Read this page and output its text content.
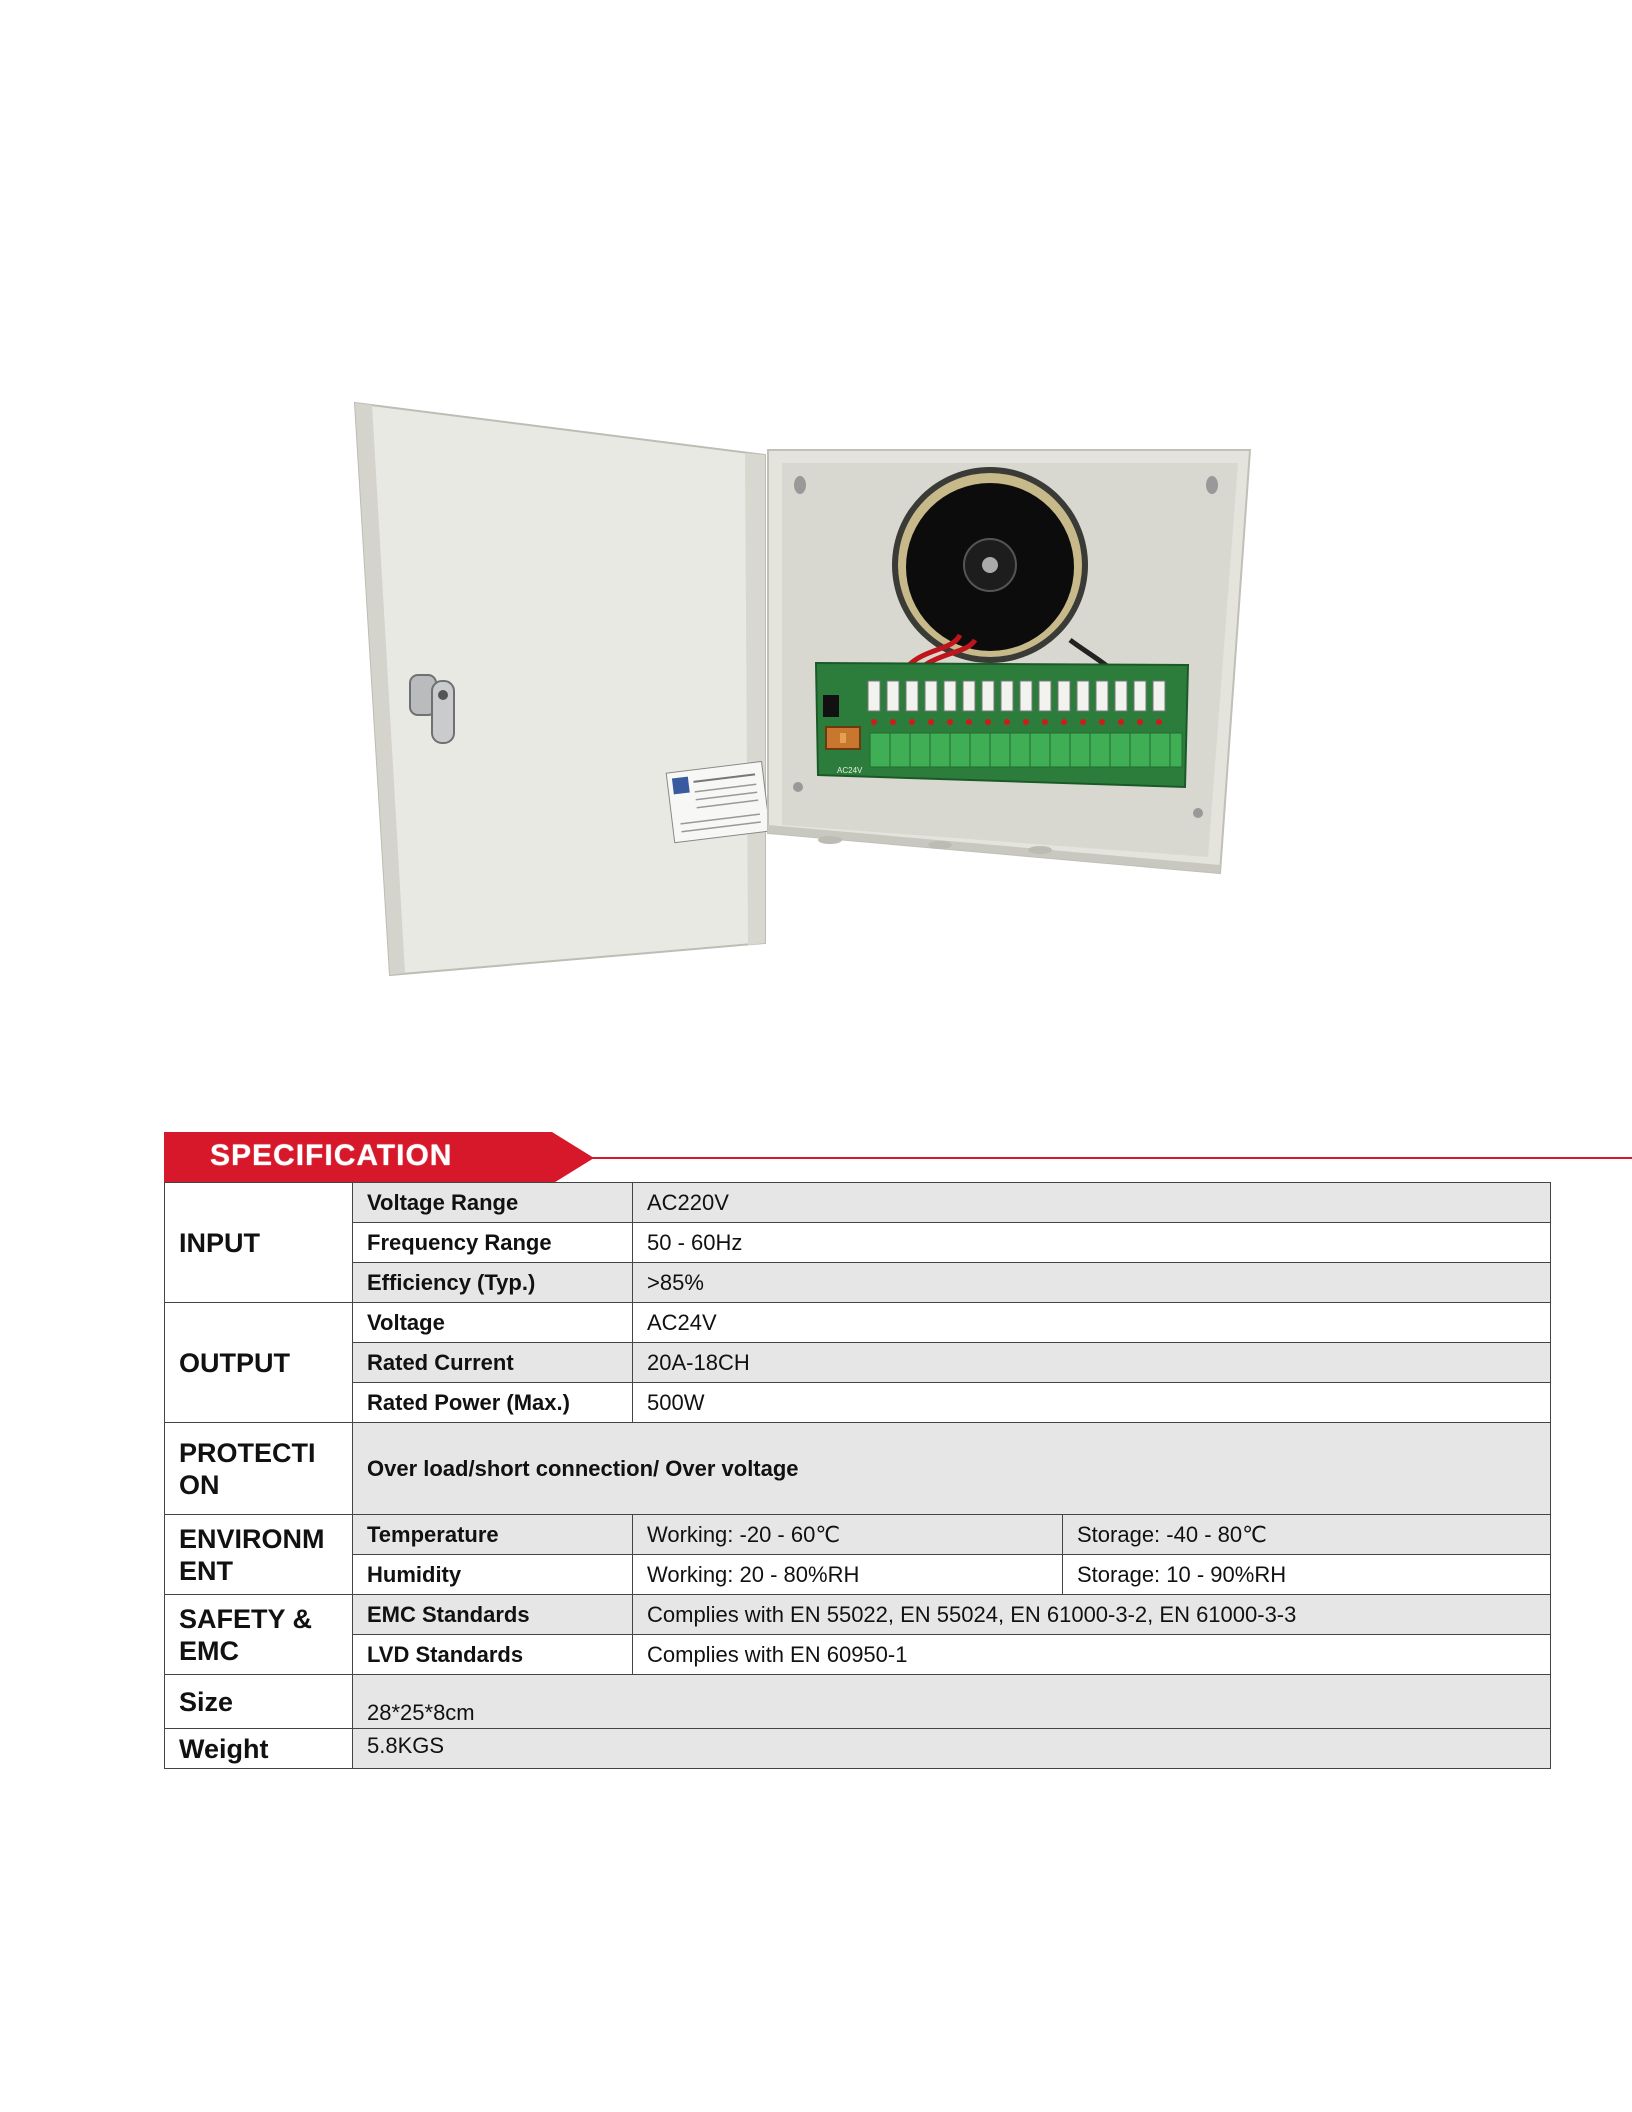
AC24V
SPECIFICATION
INPUT	Voltage Range	AC220V	
	Frequency Range	50 - 60Hz	
	Efficiency (Typ.)	>85%	
OUTPUT	Voltage	AC24V	
	Rated Current	20A-18CH	
	Rated Power (Max.)	500W	
PROTECTI ON	Over load/short connection/ Over voltage		
ENVIRONM ENT	Temperature	Working: -20 - 60℃	Storage: -40 - 80℃
	Humidity	Working: 20 - 80%RH	Storage: 10 - 90%RH
SAFETY & EMC	EMC Standards	Complies with EN 55022, EN 55024, EN 61000-3-2, EN 61000-3-3	
	LVD Standards	Complies with EN 60950-1	
Size	28*25*8cm		
Weight	5.8KGS		
